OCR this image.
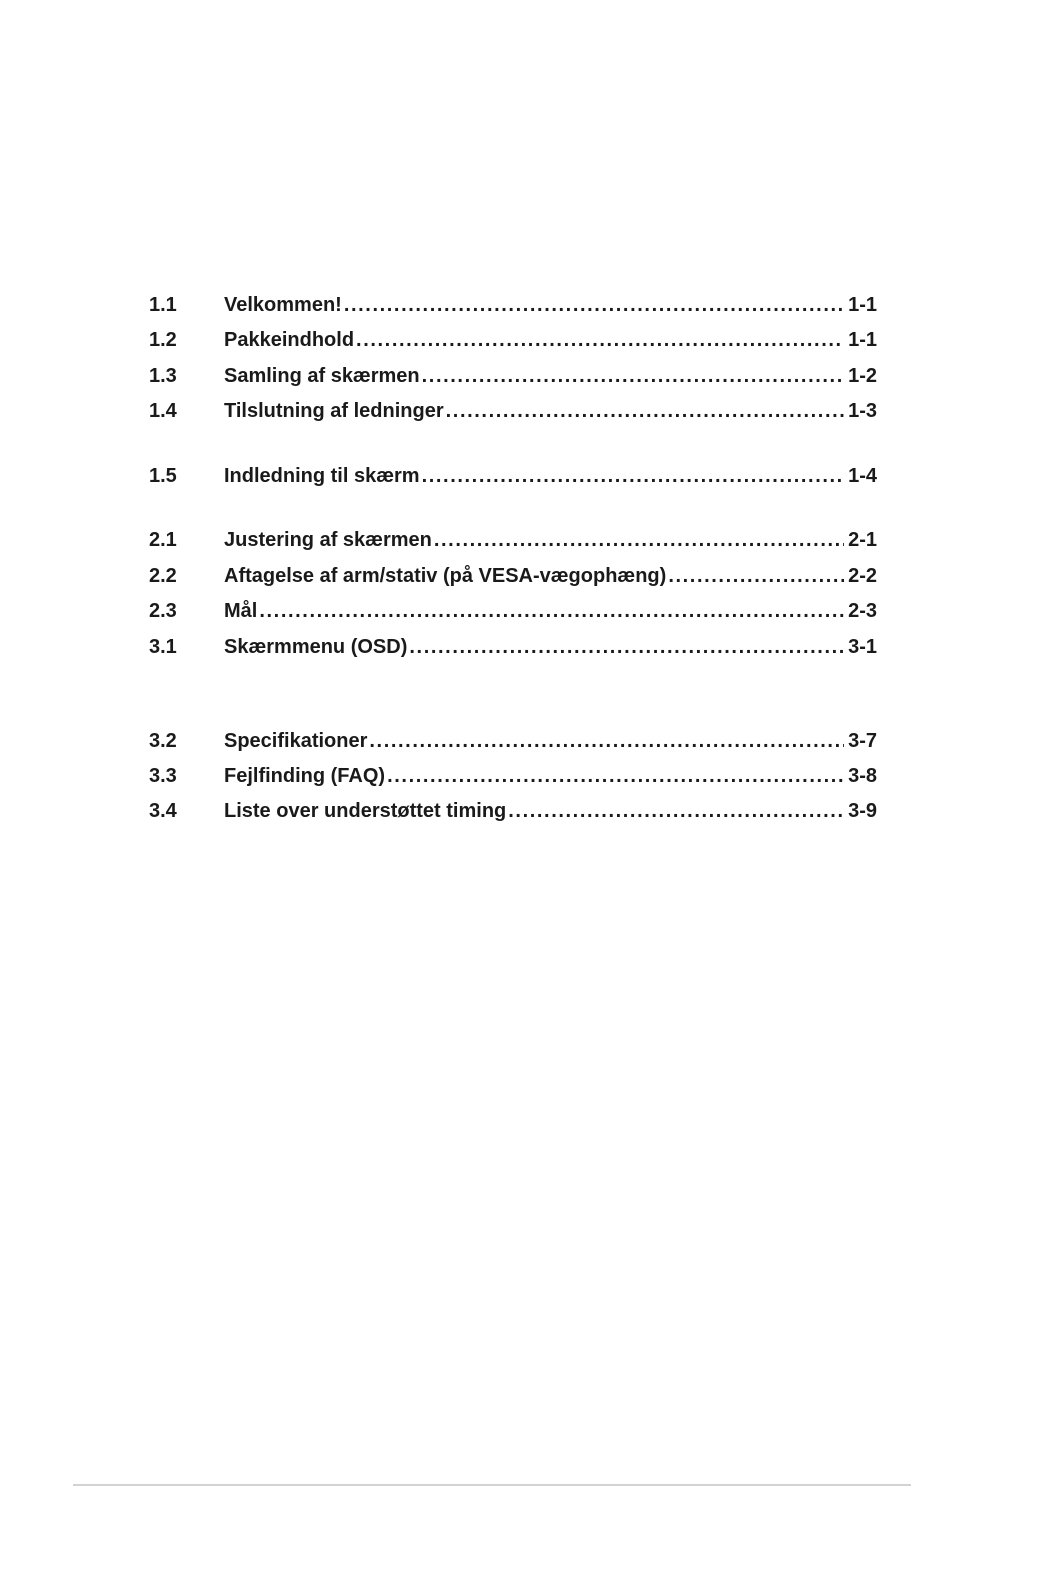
1.1	Velkommen! .....	1-1
1.2	Pakkeindhold .....	1-1
1.3	Samling af skærmen .....	1-2
1.4	Tilslutning af ledninger .....	1-3
1.5	Indledning til skærm .....	1-4
2.1	Justering af skærmen .....	2-1
2.2	Aftagelse af arm/stativ (på VESA-vægophæng) .....	2-2
2.3	Mål .....	2-3
3.1	Skærmmenu (OSD) .....	3-1
3.2	Specifikationer .....	3-7
3.3	Fejlfinding (FAQ) .....	3-8
3.4	Liste over understøttet timing .....	3-9
